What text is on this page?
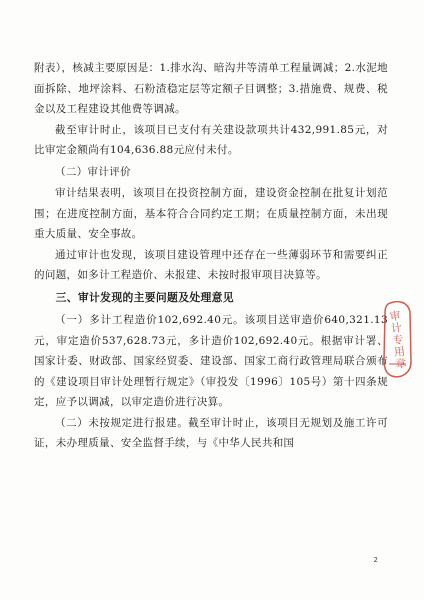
附表），核减主要原因是：1.排水沟、暗沟井等清单工程量调减；2.水泥地面拆除、地坪涂料、石粉渣稳定层等定额子目调整；3.措施费、规费、税金以及工程建设其他费等调减。

截至审计时止，该项目已支付有关建设款项共计432,991.85元，对比审定金额尚有104,636.88元应付未付。

（二）审计评价

审计结果表明，该项目在投资控制方面，建设资金控制在批复计划范围；在进度控制方面，基本符合合同约定工期；在质量控制方面，未出现重大质量、安全事故。

通过审计也发现，该项目建设管理中还存在一些薄弱环节和需要纠正的问题，如多计工程造价、未报建、未按时报审项目决算等。

三、审计发现的主要问题及处理意见

（一）多计工程造价102,692.40元。该项目送审造价640,321.13元，审定造价537,628.73元，多计造价102,692.40元。根据审计署、国家计委、财政部、国家经贸委、建设部、国家工商行政管理局联合颁布的《建设项目审计处理暂行规定》（审投发〔1996〕105号）第十四条规定，应予以调减，以审定造价进行决算。

（二）未按规定进行报建。截至审计时止，该项目无规划及施工许可证，未办理质量、安全监督手续，与《中华人民共和国

审计专用章
2
